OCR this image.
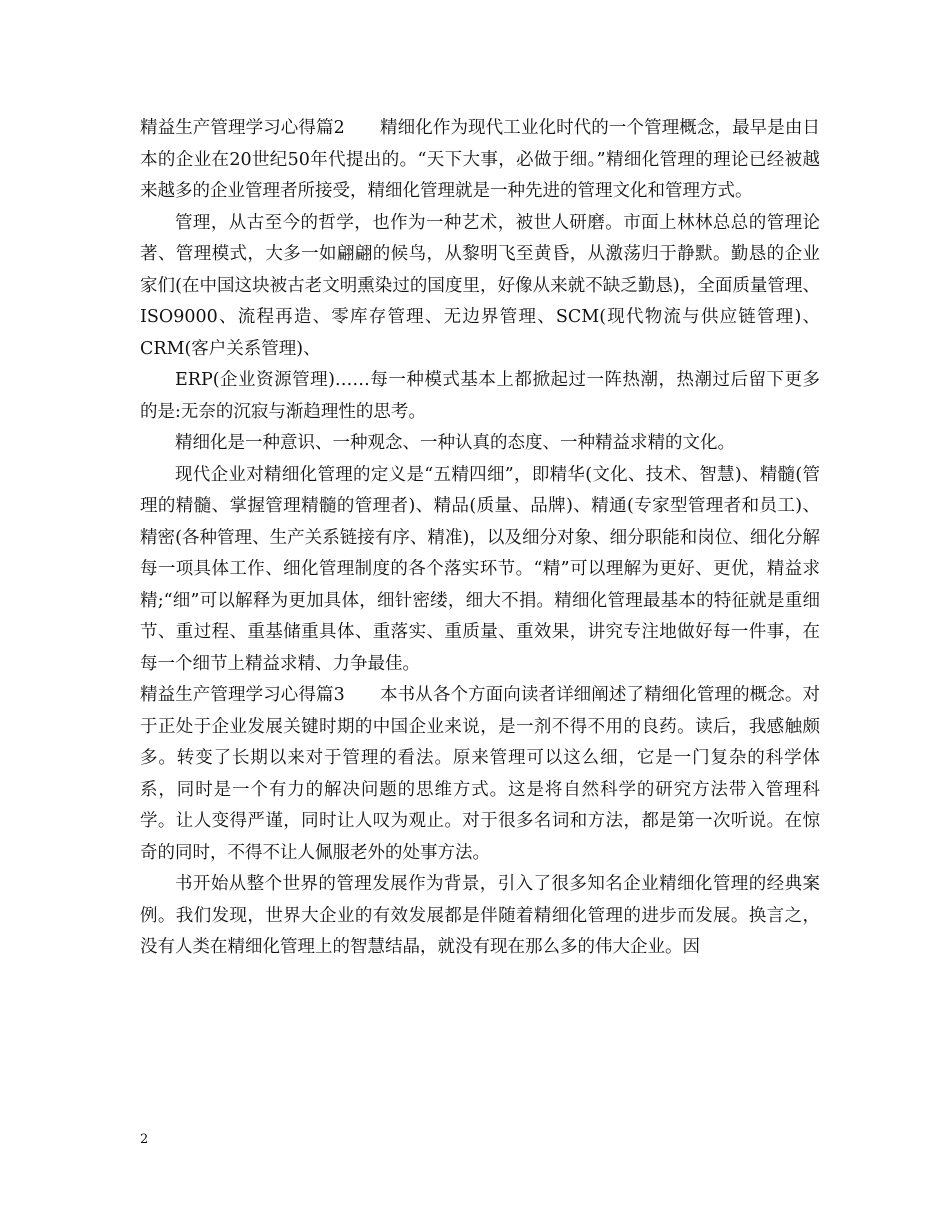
精益生产管理学习心得篇2　　精细化作为现代工业化时代的一个管理概念，最早是由日本的企业在20世纪50年代提出的。“天下大事，必做于细。”精细化管理的理论已经被越来越多的企业管理者所接受，精细化管理就是一种先进的管理文化和管理方式。

管理，从古至今的哲学，也作为一种艺术，被世人研磨。市面上林林总总的管理论著、管理模式，大多一如翩翩的候鸟，从黎明飞至黄昏，从激荡归于静默。勤恳的企业家们(在中国这块被古老文明熏染过的国度里，好像从来就不缺乏勤恳)，全面质量管理、ISO9000、流程再造、零库存管理、无边界管理、SCM(现代物流与供应链管理)、CRM(客户关系管理)、

ERP(企业资源管理)……每一种模式基本上都掀起过一阵热潮，热潮过后留下更多的是:无奈的沉寂与渐趋理性的思考。

精细化是一种意识、一种观念、一种认真的态度、一种精益求精的文化。

现代企业对精细化管理的定义是“五精四细”，即精华(文化、技术、智慧)、精髓(管理的精髓、掌握管理精髓的管理者)、精品(质量、品牌)、精通(专家型管理者和员工)、精密(各种管理、生产关系链接有序、精准)，以及细分对象、细分职能和岗位、细化分解每一项具体工作、细化管理制度的各个落实环节。“精”可以理解为更好、更优，精益求精;“细”可以解释为更加具体，细针密缕，细大不捐。精细化管理最基本的特征就是重细节、重过程、重基储重具体、重落实、重质量、重效果，讲究专注地做好每一件事，在每一个细节上精益求精、力争最佳。

精益生产管理学习心得篇3　　本书从各个方面向读者详细阐述了精细化管理的概念。对于正处于企业发展关键时期的中国企业来说，是一剂不得不用的良药。读后，我感触颇多。转变了长期以来对于管理的看法。原来管理可以这么细，它是一门复杂的科学体系，同时是一个有力的解决问题的思维方式。这是将自然科学的研究方法带入管理科学。让人变得严谨，同时让人叹为观止。对于很多名词和方法，都是第一次听说。在惊奇的同时，不得不让人佩服老外的处事方法。

书开始从整个世界的管理发展作为背景，引入了很多知名企业精细化管理的经典案例。我们发现，世界大企业的有效发展都是伴随着精细化管理的进步而发展。换言之，没有人类在精细化管理上的智慧结晶，就没有现在那么多的伟大企业。因

2
